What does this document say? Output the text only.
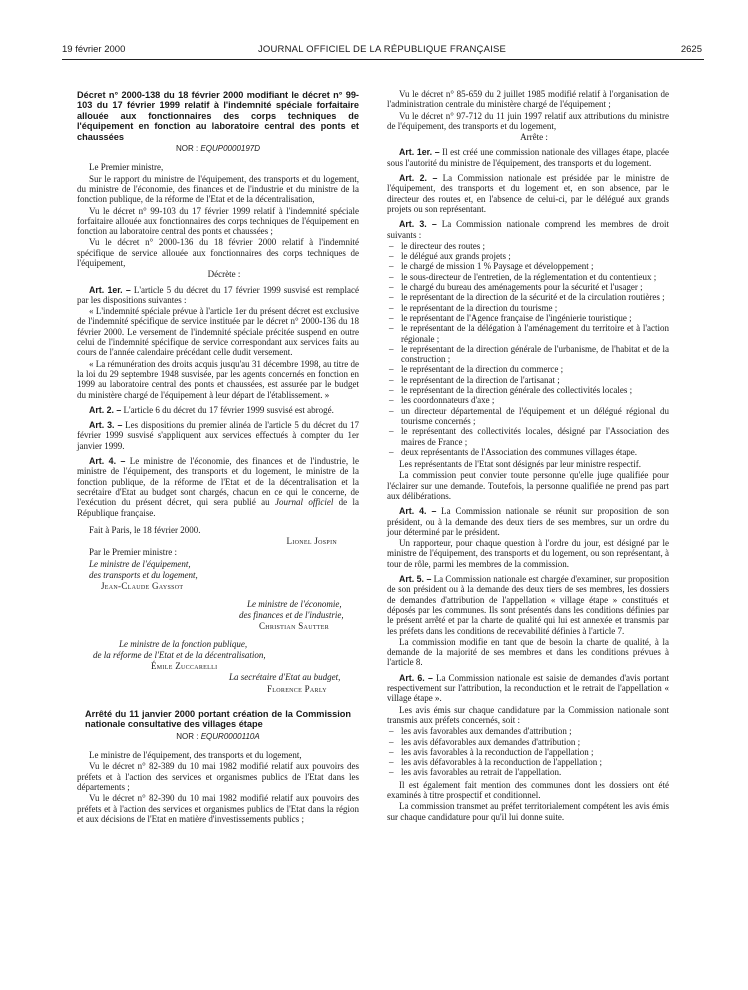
19 février 2000	JOURNAL OFFICIEL DE LA RÉPUBLIQUE FRANÇAISE	2625
Décret n° 2000-138 du 18 février 2000 modifiant le décret n° 99-103 du 17 février 1999 relatif à l'indemnité spéciale forfaitaire allouée aux fonctionnaires des corps techniques de l'équipement en fonction au laboratoire central des ponts et chaussées
NOR : EQUP0000197D

Le Premier ministre,

Sur le rapport du ministre de l'équipement, des transports et du logement, du ministre de l'économie, des finances et de l'industrie et du ministre de la fonction publique, de la réforme de l'Etat et de la décentralisation,

Vu le décret n° 99-103 du 17 février 1999 relatif à l'indemnité spéciale forfaitaire allouée aux fonctionnaires des corps techniques de l'équipement en fonction au laboratoire central des ponts et chaussées ;

Vu le décret n° 2000-136 du 18 février 2000 relatif à l'indemnité spécifique de service allouée aux fonctionnaires des corps techniques de l'équipement,

Décrète :

Art. 1er. – L'article 5 du décret du 17 février 1999 susvisé est remplacé par les dispositions suivantes :

« L'indemnité spéciale prévue à l'article 1er du présent décret est exclusive de l'indemnité spécifique de service instituée par le décret n° 2000-136 du 18 février 2000. Le versement de l'indemnité spéciale précitée suspend en outre celui de l'indemnité spécifique de service correspondant aux services faits au cours de l'année calendaire précédant celle dudit versement.

« La rémunération des droits acquis jusqu'au 31 décembre 1998, au titre de la loi du 29 septembre 1948 susvisée, par les agents concernés en fonction en 1999 au laboratoire central des ponts et chaussées, est assurée par le budget du ministère chargé de l'équipement à leur départ de l'établissement. »

Art. 2. – L'article 6 du décret du 17 février 1999 susvisé est abrogé.

Art. 3. – Les dispositions du premier alinéa de l'article 5 du décret du 17 février 1999 susvisé s'appliquent aux services effectués à compter du 1er janvier 1999.

Art. 4. – Le ministre de l'économie, des finances et de l'industrie, le ministre de l'équipement, des transports et du logement, le ministre de la fonction publique, de la réforme de l'Etat et de la décentralisation et la secrétaire d'Etat au budget sont chargés, chacun en ce qui le concerne, de l'exécution du présent décret, qui sera publié au Journal officiel de la République française.

Fait à Paris, le 18 février 2000.

Lionel Jospin

Par le Premier ministre :

Le ministre de l'équipement,

des transports et du logement,

Jean-Claude Gayssot

Le ministre de l'économie,

des finances et de l'industrie,

Christian Sautter

Le ministre de la fonction publique,

de la réforme de l'Etat et de la décentralisation,

Émile Zuccarelli

La secrétaire d'Etat au budget,

Florence Parly

Arrêté du 11 janvier 2000 portant création de la Commission nationale consultative des villages étape
NOR : EQUR0000110A

Le ministre de l'équipement, des transports et du logement,

Vu le décret n° 82-389 du 10 mai 1982 modifié relatif aux pouvoirs des préfets et à l'action des services et organismes publics de l'Etat dans les départements ;

Vu le décret n° 82-390 du 10 mai 1982 modifié relatif aux pouvoirs des préfets et à l'action des services et organismes publics de l'Etat dans la région et aux décisions de l'Etat en matière d'investissements publics ;

Vu le décret n° 85-659 du 2 juillet 1985 modifié relatif à l'organisation de l'administration centrale du ministère chargé de l'équipement ;

Vu le décret n° 97-712 du 11 juin 1997 relatif aux attributions du ministre de l'équipement, des transports et du logement,

Arrête :

Art. 1er. – Il est créé une commission nationale des villages étape, placée sous l'autorité du ministre de l'équipement, des transports et du logement.

Art. 2. – La Commission nationale est présidée par le ministre de l'équipement, des transports et du logement et, en son absence, par le directeur des routes et, en l'absence de celui-ci, par le délégué aux grands projets ou son représentant.

Art. 3. – La Commission nationale comprend les membres de droit suivants :

– le directeur des routes ;
– le délégué aux grands projets ;
– le chargé de mission 1 % Paysage et développement ;
– le sous-directeur de l'entretien, de la réglementation et du contentieux ;
– le chargé du bureau des aménagements pour la sécurité et l'usager ;
– le représentant de la direction de la sécurité et de la circulation routières ;
– le représentant de la direction du tourisme ;
– le représentant de l'Agence française de l'ingénierie touristique ;
– le représentant de la délégation à l'aménagement du territoire et à l'action régionale ;
– le représentant de la direction générale de l'urbanisme, de l'habitat et de la construction ;
– le représentant de la direction du commerce ;
– le représentant de la direction de l'artisanat ;
– le représentant de la direction générale des collectivités locales ;
– les coordonnateurs d'axe ;
– un directeur départemental de l'équipement et un délégué régional du tourisme concernés ;
– le représentant des collectivités locales, désigné par l'Association des maires de France ;
– deux représentants de l'Association des communes villages étape.

Les représentants de l'Etat sont désignés par leur ministre respectif.

La commission peut convier toute personne qu'elle juge qualifiée pour l'éclairer sur une demande. Toutefois, la personne qualifiée ne prend pas part aux délibérations.

Art. 4. – La Commission nationale se réunit sur proposition de son président, ou à la demande des deux tiers de ses membres, sur un ordre du jour déterminé par le président.

Un rapporteur, pour chaque question à l'ordre du jour, est désigné par le ministre de l'équipement, des transports et du logement, ou son représentant, à tour de rôle, parmi les membres de la commission.

Art. 5. – La Commission nationale est chargée d'examiner, sur proposition de son président ou à la demande des deux tiers de ses membres, les dossiers de demandes d'attribution de l'appellation « village étape » constitués et déposés par les communes. Ils sont présentés dans les conditions définies par le présent arrêté et par la charte de qualité qui lui est annexée et transmis par les préfets dans les conditions de recevabilité définies à l'article 7.

La commission modifie en tant que de besoin la charte de qualité, à la demande de la majorité de ses membres et dans les conditions prévues à l'article 8.

Art. 6. – La Commission nationale est saisie de demandes d'avis portant respectivement sur l'attribution, la reconduction et le retrait de l'appellation « village étape ».

Les avis émis sur chaque candidature par la Commission nationale sont transmis aux préfets concernés, soit :

– les avis favorables aux demandes d'attribution ;
– les avis défavorables aux demandes d'attribution ;
– les avis favorables à la reconduction de l'appellation ;
– les avis défavorables à la reconduction de l'appellation ;
– les avis favorables au retrait de l'appellation.

Il est également fait mention des communes dont les dossiers ont été examinés à titre prospectif et conditionnel.

La commission transmet au préfet territorialement compétent les avis émis sur chaque candidature pour qu'il lui donne suite.
